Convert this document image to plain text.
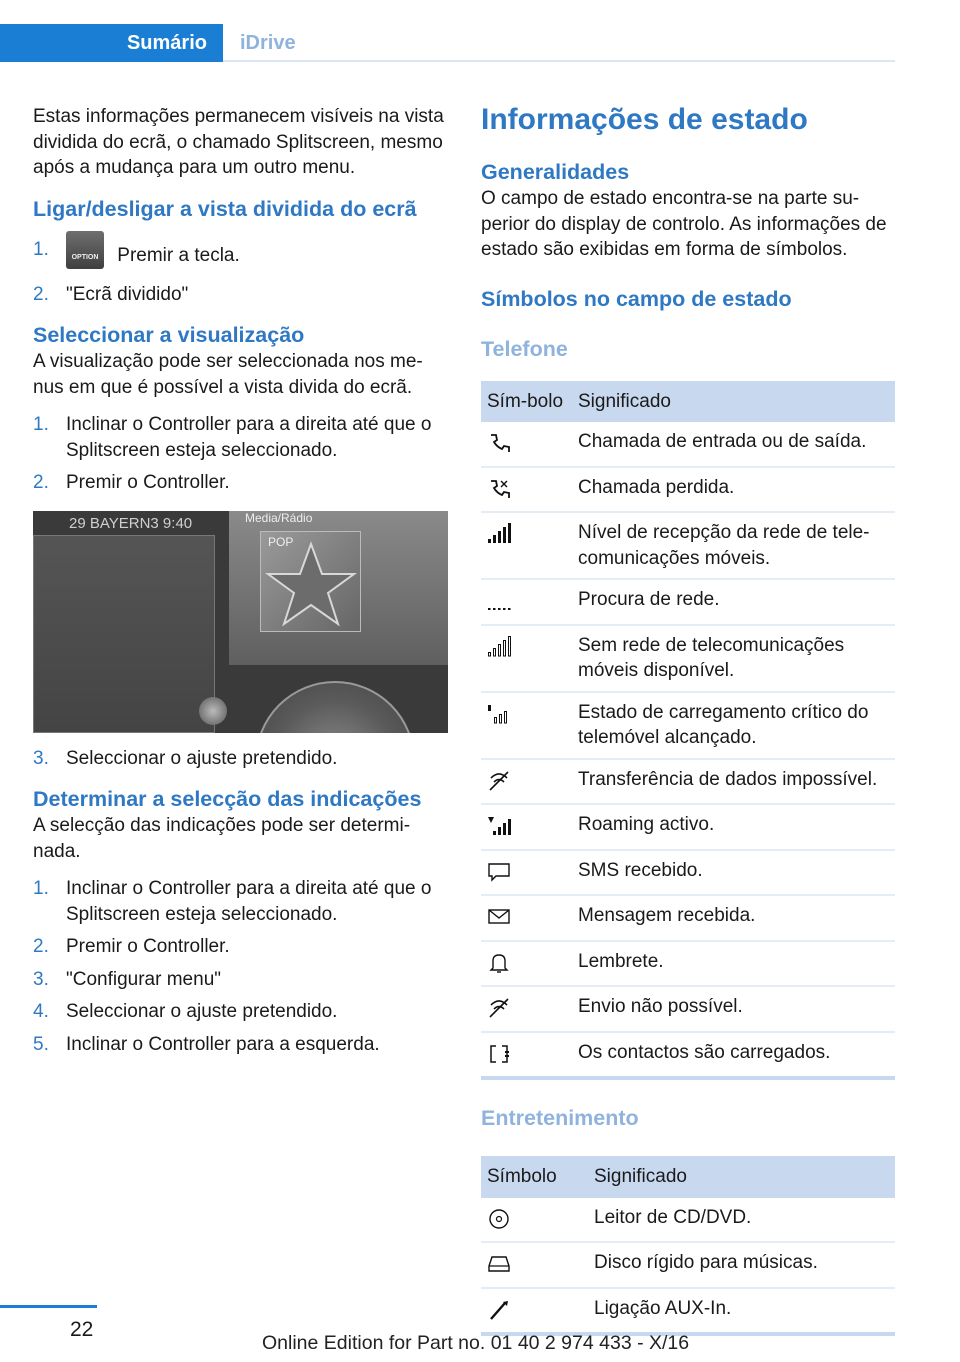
Sumário	iDrive

Estas informações permanecem visíveis na vista dividida do ecrã, o chamado Splitscreen, mesmo após a mudança para um outro menu.

Ligar/desligar a vista dividida do ecrã
1.	OPTION Premir a tecla.
2. "Ecrã dividido"
Seleccionar a visualização

A visualização pode ser seleccionada nos me‐nus em que é possível a vista divida do ecrã.

1. Inclinar o Controller para a direita até que o Splitscreen esteja seleccionado.
2. Premir o Controller.
29 BAYERN3 9:40	Media/Rádio
POP
3. Seleccionar o ajuste pretendido.
Determinar a selecção das indicações

A selecção das indicações pode ser determi‐nada.

1. Inclinar o Controller para a direita até que o Splitscreen esteja seleccionado.
2. Premir o Controller.
3. "Configurar menu"
4. Seleccionar o ajuste pretendido.
5. Inclinar o Controller para a esquerda.
Informações de estado
Generalidades

O campo de estado encontra-se na parte su‐perior do display de controlo. As informações de estado são exibidas em forma de símbolos.

Símbolos no campo de estado
Telefone
Sím‐bolo	Significado
	Chamada de entrada ou de saída.
	Chamada perdida.
	Nível de recepção da rede de tele‐comunicações móveis.
	Procura de rede.
	Sem rede de telecomunicações móveis disponível.
	Estado de carregamento crítico do telemóvel alcançado.
	Transferência de dados impossível.
	Roaming activo.
	SMS recebido.
	Mensagem recebida.
	Lembrete.
	Envio não possível.
	Os contactos são carregados.
Entretenimento
Símbolo	Significado
	Leitor de CD/DVD.
	Disco rígido para músicas.
	Ligação AUX-In.
22
Online Edition for Part no. 01 40 2 974 433 - X/16
